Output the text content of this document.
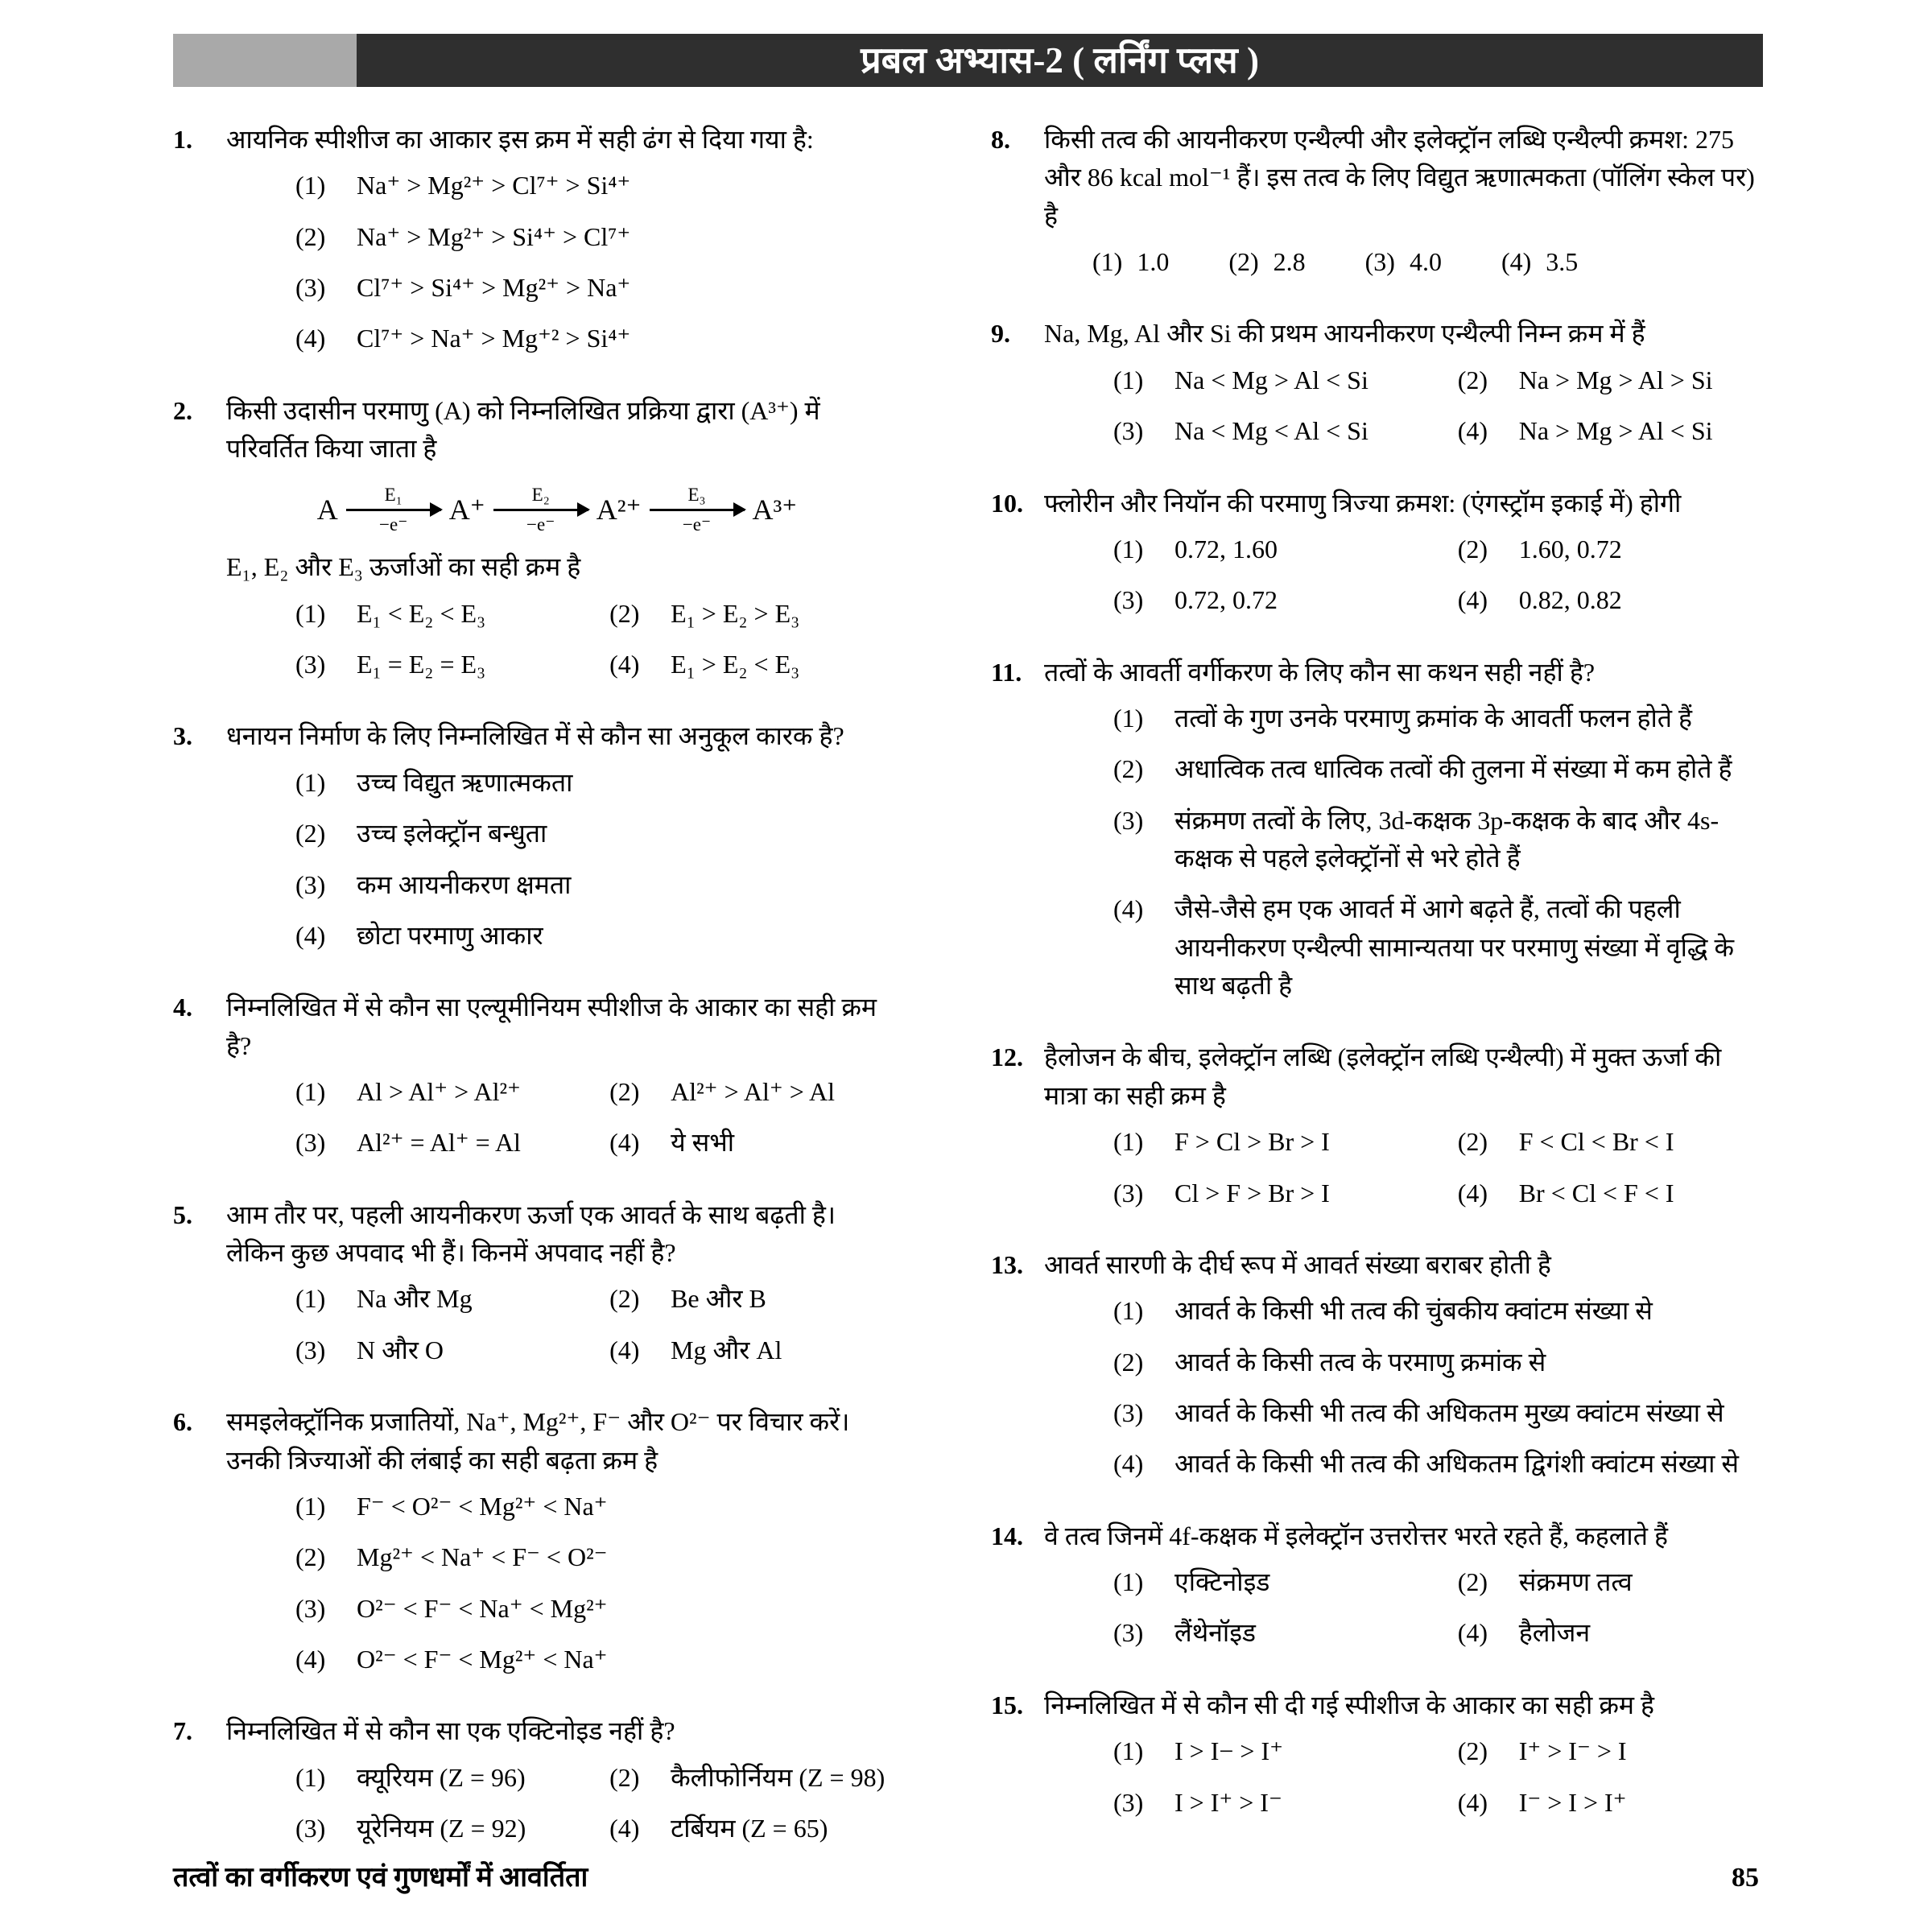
प्रबल अभ्यास-2 ( लर्निंग प्लस )
1.	आयनिक स्पीशीज का आकार इस क्रम में सही ढंग से दिया गया है:
(1)	Na⁺ > Mg²⁺ > Cl⁷⁺ > Si⁴⁺
(2)	Na⁺ > Mg²⁺ > Si⁴⁺ > Cl⁷⁺
(3)	Cl⁷⁺ > Si⁴⁺ > Mg²⁺ > Na⁺
(4)	Cl⁷⁺ > Na⁺ > Mg⁺² > Si⁴⁺
2.	किसी उदासीन परमाणु (A) को निम्नलिखित प्रक्रिया द्वारा (A³⁺) में परिवर्तित किया जाता है
A	E₁
−e⁻ A⁺	E₂
−e⁻ A²⁺	E₃
−e⁻ A³⁺
E₁, E₂ और E₃ ऊर्जाओं का सही क्रम है
(1)	E₁ < E₂ < E₃	(2)	E₁ > E₂ > E₃
(3)	E₁ = E₂ = E₃	(4)	E₁ > E₂ < E₃
3.	धनायन निर्माण के लिए निम्नलिखित में से कौन सा अनुकूल कारक है?
(1)	उच्च विद्युत ऋणात्मकता
(2)	उच्च इलेक्ट्रॉन बन्धुता
(3)	कम आयनीकरण क्षमता
(4)	छोटा परमाणु आकार
4.	निम्नलिखित में से कौन सा एल्यूमीनियम स्पीशीज के आकार का सही क्रम है?
(1)	Al > Al⁺ > Al²⁺	(2)	Al²⁺ > Al⁺ > Al
(3)	Al²⁺ = Al⁺ = Al	(4)	ये सभी
5.	आम तौर पर, पहली आयनीकरण ऊर्जा एक आवर्त के साथ बढ़ती है। लेकिन कुछ अपवाद भी हैं। किनमें अपवाद नहीं है?
(1)	Na और Mg	(2)	Be और B
(3)	N और O	(4)	Mg और Al
6.	समइलेक्ट्रॉनिक प्रजातियों, Na⁺, Mg²⁺, F⁻ और O²⁻ पर विचार करें। उनकी त्रिज्याओं की लंबाई का सही बढ़ता क्रम है
(1)	F⁻ < O²⁻ < Mg²⁺ < Na⁺
(2)	Mg²⁺ < Na⁺ < F⁻ < O²⁻
(3)	O²⁻ < F⁻ < Na⁺ < Mg²⁺
(4)	O²⁻ < F⁻ < Mg²⁺ < Na⁺
7.	निम्नलिखित में से कौन सा एक एक्टिनोइड नहीं है?
(1)	क्यूरियम (Z = 96)	(2)	कैलीफोर्नियम (Z = 98)
(3)	यूरेनियम (Z = 92)	(4)	टर्बियम (Z = 65)
8.	किसी तत्व की आयनीकरण एन्थैल्पी और इलेक्ट्रॉन लब्धि एन्थैल्पी क्रमश: 275 और 86 kcal mol⁻¹ हैं। इस तत्व के लिए विद्युत ऋणात्मकता (पॉलिंग स्केल पर) है
(1) 1.0 (2) 2.8 (3) 4.0 (4) 3.5
9.	Na, Mg, Al और Si की प्रथम आयनीकरण एन्थैल्पी निम्न क्रम में हैं
(1)	Na < Mg > Al < Si	(2)	Na > Mg > Al > Si
(3)	Na < Mg < Al < Si	(4)	Na > Mg > Al < Si
10. फ्लोरीन और नियॉन की परमाणु त्रिज्या क्रमश: (एंगस्ट्रॉम इकाई में) होगी
(1)	0.72, 1.60	(2)	1.60, 0.72
(3)	0.72, 0.72	(4)	0.82, 0.82
11. तत्वों के आवर्ती वर्गीकरण के लिए कौन सा कथन सही नहीं है?
(1)	तत्वों के गुण उनके परमाणु क्रमांक के आवर्ती फलन होते हैं
(2)	अधात्विक तत्व धात्विक तत्वों की तुलना में संख्या में कम होते हैं
(3)	संक्रमण तत्वों के लिए, 3d-कक्षक 3p-कक्षक के बाद और 4s-कक्षक से पहले इलेक्ट्रॉनों से भरे होते हैं
(4)	जैसे-जैसे हम एक आवर्त में आगे बढ़ते हैं, तत्वों की पहली आयनीकरण एन्थैल्पी सामान्यतया पर परमाणु संख्या में वृद्धि के साथ बढ़ती है
12. हैलोजन के बीच, इलेक्ट्रॉन लब्धि (इलेक्ट्रॉन लब्धि एन्थैल्पी) में मुक्त ऊर्जा की मात्रा का सही क्रम है
(1)	F > Cl > Br > I	(2)	F < Cl < Br < I
(3)	Cl > F > Br > I	(4)	Br < Cl < F < I
13. आवर्त सारणी के दीर्घ रूप में आवर्त संख्या बराबर होती है
(1)	आवर्त के किसी भी तत्व की चुंबकीय क्वांटम संख्या से
(2)	आवर्त के किसी तत्व के परमाणु क्रमांक से
(3)	आवर्त के किसी भी तत्व की अधिकतम मुख्य क्वांटम संख्या से
(4)	आवर्त के किसी भी तत्व की अधिकतम द्विगंशी क्वांटम संख्या से
14. वे तत्व जिनमें 4f-कक्षक में इलेक्ट्रॉन उत्तरोत्तर भरते रहते हैं, कहलाते हैं
(1)	एक्टिनोइड	(2)	संक्रमण तत्व
(3)	लैंथेनॉइड	(4)	हैलोजन
15. निम्नलिखित में से कौन सी दी गई स्पीशीज के आकार का सही क्रम है
(1)	I > I− > I⁺	(2)	I⁺ > I⁻ > I
(3)	I > I⁺ > I⁻	(4)	I⁻ > I > I⁺
तत्वों का वर्गीकरण एवं गुणधर्मों में आवर्तिता	85
